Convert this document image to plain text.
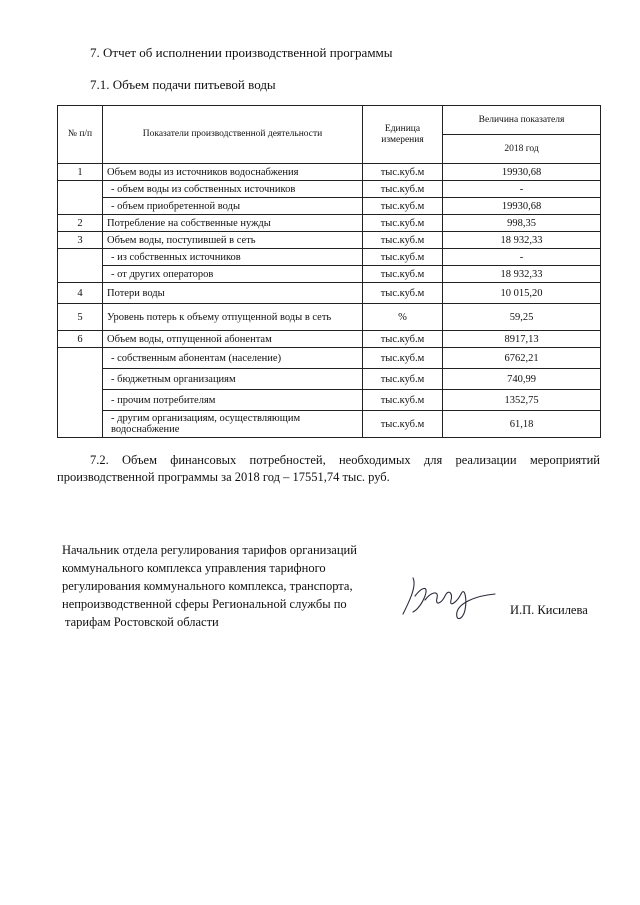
7. Отчет об исполнении производственной программы
7.1. Объем подачи питьевой воды
№ п/п	Показатели производственной деятельности	Единица измерения	Величина показателя
			2018 год
1	Объем воды из источников водоснабжения	тыс.куб.м	19930,68
	- объем воды из собственных источников	тыс.куб.м	-
	- объем приобретенной воды	тыс.куб.м	19930,68
2	Потребление на собственные нужды	тыс.куб.м	998,35
3	Объем воды, поступившей в сеть	тыс.куб.м	18 932,33
	- из собственных источников	тыс.куб.м	-
	- от других операторов	тыс.куб.м	18 932,33
4	Потери воды	тыс.куб.м	10 015,20
5	Уровень потерь к объему отпущенной воды в сеть	%	59,25
6	Объем воды, отпущенной абонентам	тыс.куб.м	8917,13
	- собственным абонентам (население)	тыс.куб.м	6762,21
	- бюджетным организациям	тыс.куб.м	740,99
	- прочим потребителям	тыс.куб.м	1352,75
	- другим организациям, осуществляющим водоснабжение	тыс.куб.м	61,18
7.2. Объем финансовых потребностей, необходимых для реализации мероприятий производственной программы за 2018 год – 17551,74 тыс. руб.
Начальник отдела регулирования тарифов организаций
коммунального комплекса управления тарифного
регулирования коммунального комплекса, транспорта,
непроизводственной сферы Региональной службы по
тарифам Ростовской области
И.П. Кисилева
